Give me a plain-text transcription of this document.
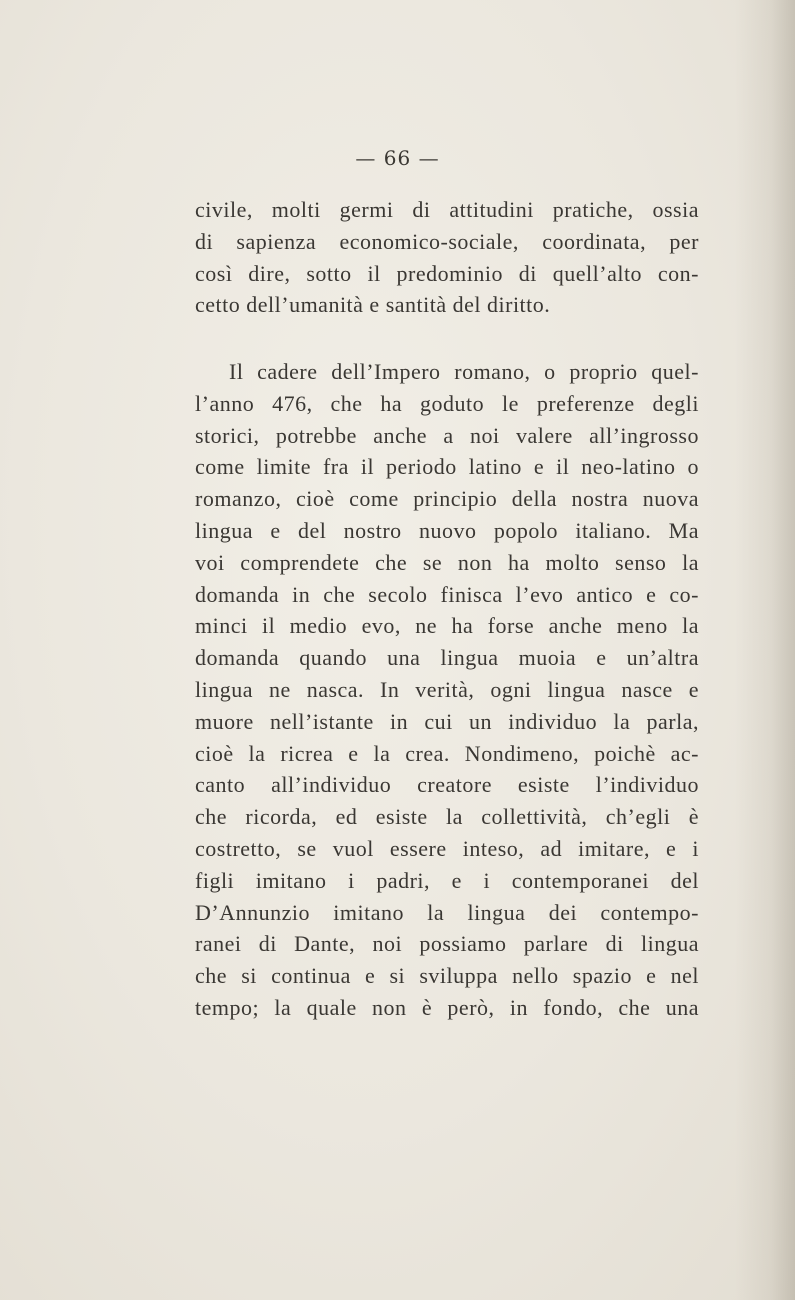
— 66 —
civile, molti germi di attitudini pratiche, ossia
di sapienza economico-sociale, coordinata, per
così dire, sotto il predominio di quell’alto con-
cetto dell’umanità e santità del diritto.
Il cadere dell’Impero romano, o proprio quel-
l’anno 476, che ha goduto le preferenze degli
storici, potrebbe anche a noi valere all’ingrosso
come limite fra il periodo latino e il neo-latino o
romanzo, cioè come principio della nostra nuova
lingua e del nostro nuovo popolo italiano. Ma
voi comprendete che se non ha molto senso la
domanda in che secolo finisca l’evo antico e co-
minci il medio evo, ne ha forse anche meno la
domanda quando una lingua muoia e un’altra
lingua ne nasca. In verità, ogni lingua nasce e
muore nell’istante in cui un individuo la parla,
cioè la ricrea e la crea. Nondimeno, poichè ac-
canto all’individuo creatore esiste l’individuo
che ricorda, ed esiste la collettività, ch’egli è
costretto, se vuol essere inteso, ad imitare, e i
figli imitano i padri, e i contemporanei del
D’Annunzio imitano la lingua dei contempo-
ranei di Dante, noi possiamo parlare di lingua
che si continua e si sviluppa nello spazio e nel
tempo; la quale non è però, in fondo, che una
